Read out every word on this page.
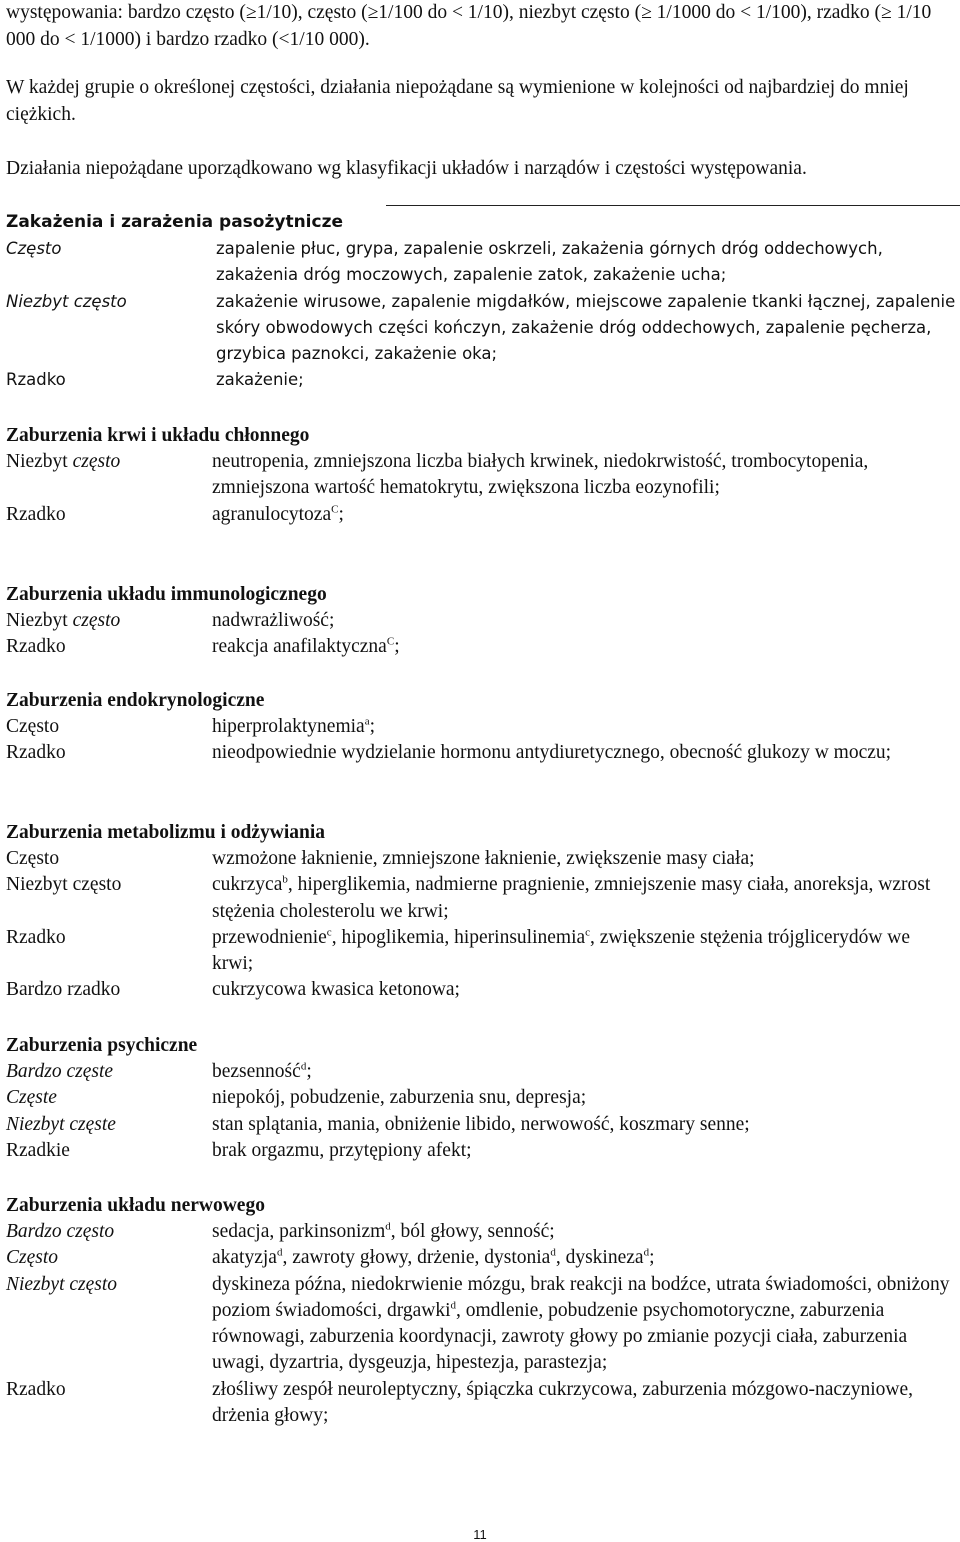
występowania: bardzo często (≥1/10), często (≥1/100 do < 1/10), niezbyt często (≥ 1/1000 do < 1/100), rzadko (≥ 1/10 000 do < 1/1000) i bardzo rzadko (<1/10 000).

W każdej grupie o określonej częstości, działania niepożądane są wymienione w kolejności od najbardziej do mniej ciężkich.

Działania niepożądane uporządkowano wg klasyfikacji układów i narządów i częstości występowania.

Zakażenia i zarażenia pasożytnicze
Często	zapalenie płuc, grypa, zapalenie oskrzeli, zakażenia górnych dróg oddechowych, zakażenia dróg moczowych, zapalenie zatok, zakażenie ucha;

Niezbyt często	zakażenie wirusowe, zapalenie migdałków, miejscowe zapalenie tkanki łącznej, zapalenie skóry obwodowych części kończyn, zakażenie dróg oddechowych, zapalenie pęcherza, grzybica paznokci, zakażenie oka;

Rzadko	zakażenie;

Zaburzenia krwi i układu chłonnego
Niezbyt często	neutropenia, zmniejszona liczba białych krwinek, niedokrwistość, trombocytopenia, zmniejszona wartość hematokrytu, zwiększona liczba eozynofili;

Rzadko	agranulocytoza$^C$;

Zaburzenia układu immunologicznego
Niezbyt często	nadwrażliwość;

Rzadko	reakcja anafilaktyczna$^C$;

Zaburzenia endokrynologiczne
Często	hiperprolaktynemia$^a$;

Rzadko	nieodpowiednie wydzielanie hormonu antydiuretycznego, obecność glukozy w moczu;

Zaburzenia metabolizmu i odżywiania
Często	wzmożone łaknienie, zmniejszone łaknienie, zwiększenie masy ciała;

Niezbyt często	cukrzyca$^b$, hiperglikemia, nadmierne pragnienie, zmniejszenie masy ciała, anoreksja, wzrost stężenia cholesterolu we krwi;

Rzadko	przewodnienie$^c$, hipoglikemia, hiperinsulinemia$^c$, zwiększenie stężenia trójglicerydów we krwi;

Bardzo rzadko	cukrzycowa kwasica ketonowa;

Zaburzenia psychiczne
Bardzo częste	bezsenność$^d$;

Częste	niepokój, pobudzenie, zaburzenia snu, depresja;

Niezbyt częste	stan splątania, mania, obniżenie libido, nerwowość, koszmary senne;

Rzadkie	brak orgazmu, przytępiony afekt;

Zaburzenia układu nerwowego
Bardzo często	sedacja, parkinsonizm$^d$, ból głowy, senność;

Często	akatyzja$^d$, zawroty głowy, drżenie, dystonia$^d$, dyskineza$^d$;

Niezbyt często	dyskineza późna, niedokrwienie mózgu, brak reakcji na bodźce, utrata świadomości, obniżony poziom świadomości, drgawki$^d$, omdlenie, pobudzenie psychomotoryczne, zaburzenia równowagi, zaburzenia koordynacji, zawroty głowy po zmianie pozycji ciała, zaburzenia uwagi, dyzartria, dysgeuzja, hipestezja, parastezja;

Rzadko	złośliwy zespół neuroleptyczny, śpiączka cukrzycowa, zaburzenia mózgowo-naczyniowe, drżenia głowy;

11
